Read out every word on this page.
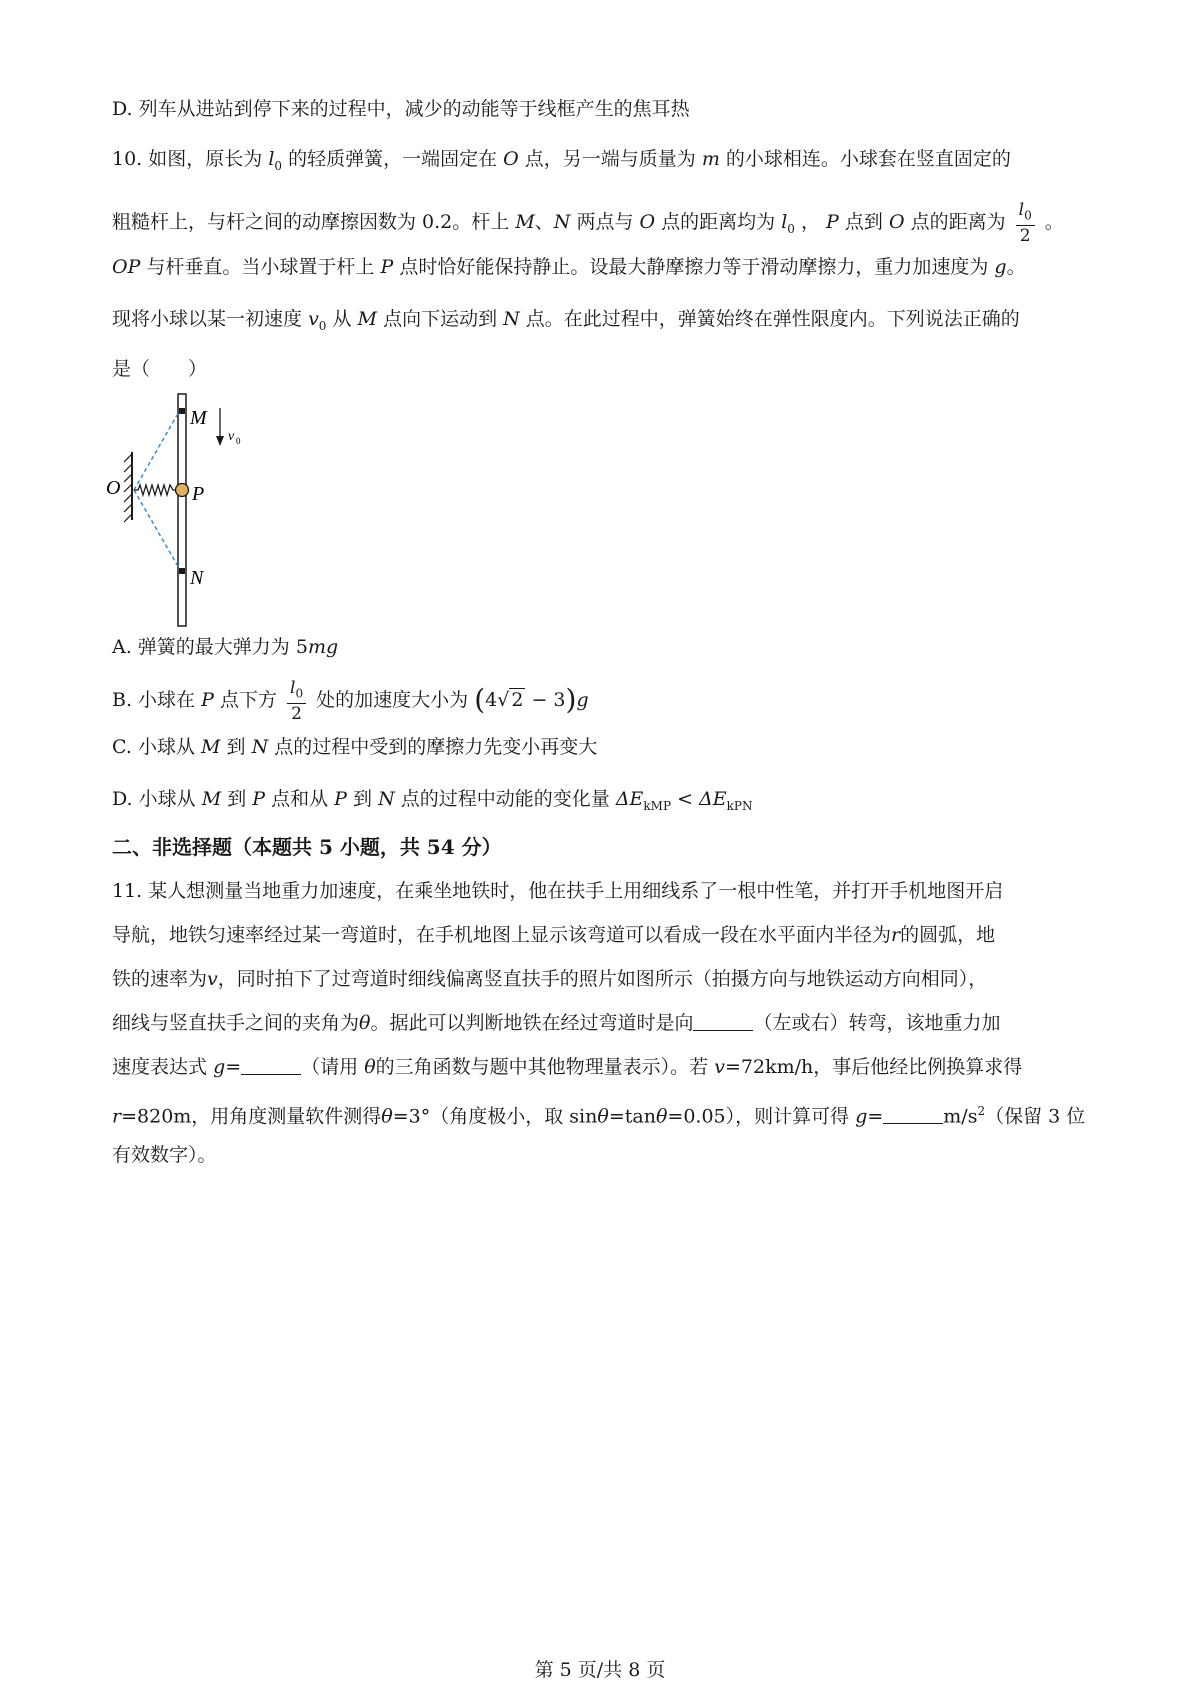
D. 列车从进站到停下来的过程中，减少的动能等于线框产生的焦耳热
10. 如图，原长为 $l_0$ 的轻质弹簧，一端固定在 O 点，另一端与质量为 m 的小球相连。小球套在竖直固定的
粗糙杆上，与杆之间的动摩擦因数为 0.2。杆上 M、N 两点与 O 点的距离均为 $l_0$ ， P 点到 O 点的距离为 $\frac{l_0}{2}$ 。
OP 与杆垂直。当小球置于杆上 P 点时恰好能保持静止。设最大静摩擦力等于滑动摩擦力，重力加速度为 g。
现将小球以某一初速度 $v_0$ 从 M 点向下运动到 N 点。在此过程中，弹簧始终在弹性限度内。下列说法正确的
是（　　）
M
v 0
O	P
N
A. 弹簧的最大弹力为 5mg
B. 小球在 P 点下方 $\frac{l_0}{2}$ 处的加速度大小为 (4√ 2 − 3)g
C. 小球从 M 到 N 点的过程中受到的摩擦力先变小再变大
D. 小球从 M 到 P 点和从 P 到 N 点的过程中动能的变化量 $\Delta E_{kMP} < \Delta E_{kPN}$
二、非选择题（本题共 5 小题，共 54 分）
11. 某人想测量当地重力加速度，在乘坐地铁时，他在扶手上用细线系了一根中性笔，并打开手机地图开启
导航，地铁匀速率经过某一弯道时，在手机地图上显示该弯道可以看成一段在水平面内半径为r的圆弧，地
铁的速率为v，同时拍下了过弯道时细线偏离竖直扶手的照片如图所示（拍摄方向与地铁运动方向相同），
细线与竖直扶手之间的夹角为θ。据此可以判断地铁在经过弯道时是向	（左或右）转弯，该地重力加
速度表达式 g=	（请用 θ的三角函数与题中其他物理量表示）。若 v=72km/h，事后他经比例换算求得
r=820m，用角度测量软件测得θ=3°（角度极小，取 sinθ=tanθ=0.05），则计算可得 g=	$m/s^2$（保留 3 位
有效数字）。
第 5 页/共 8 页
